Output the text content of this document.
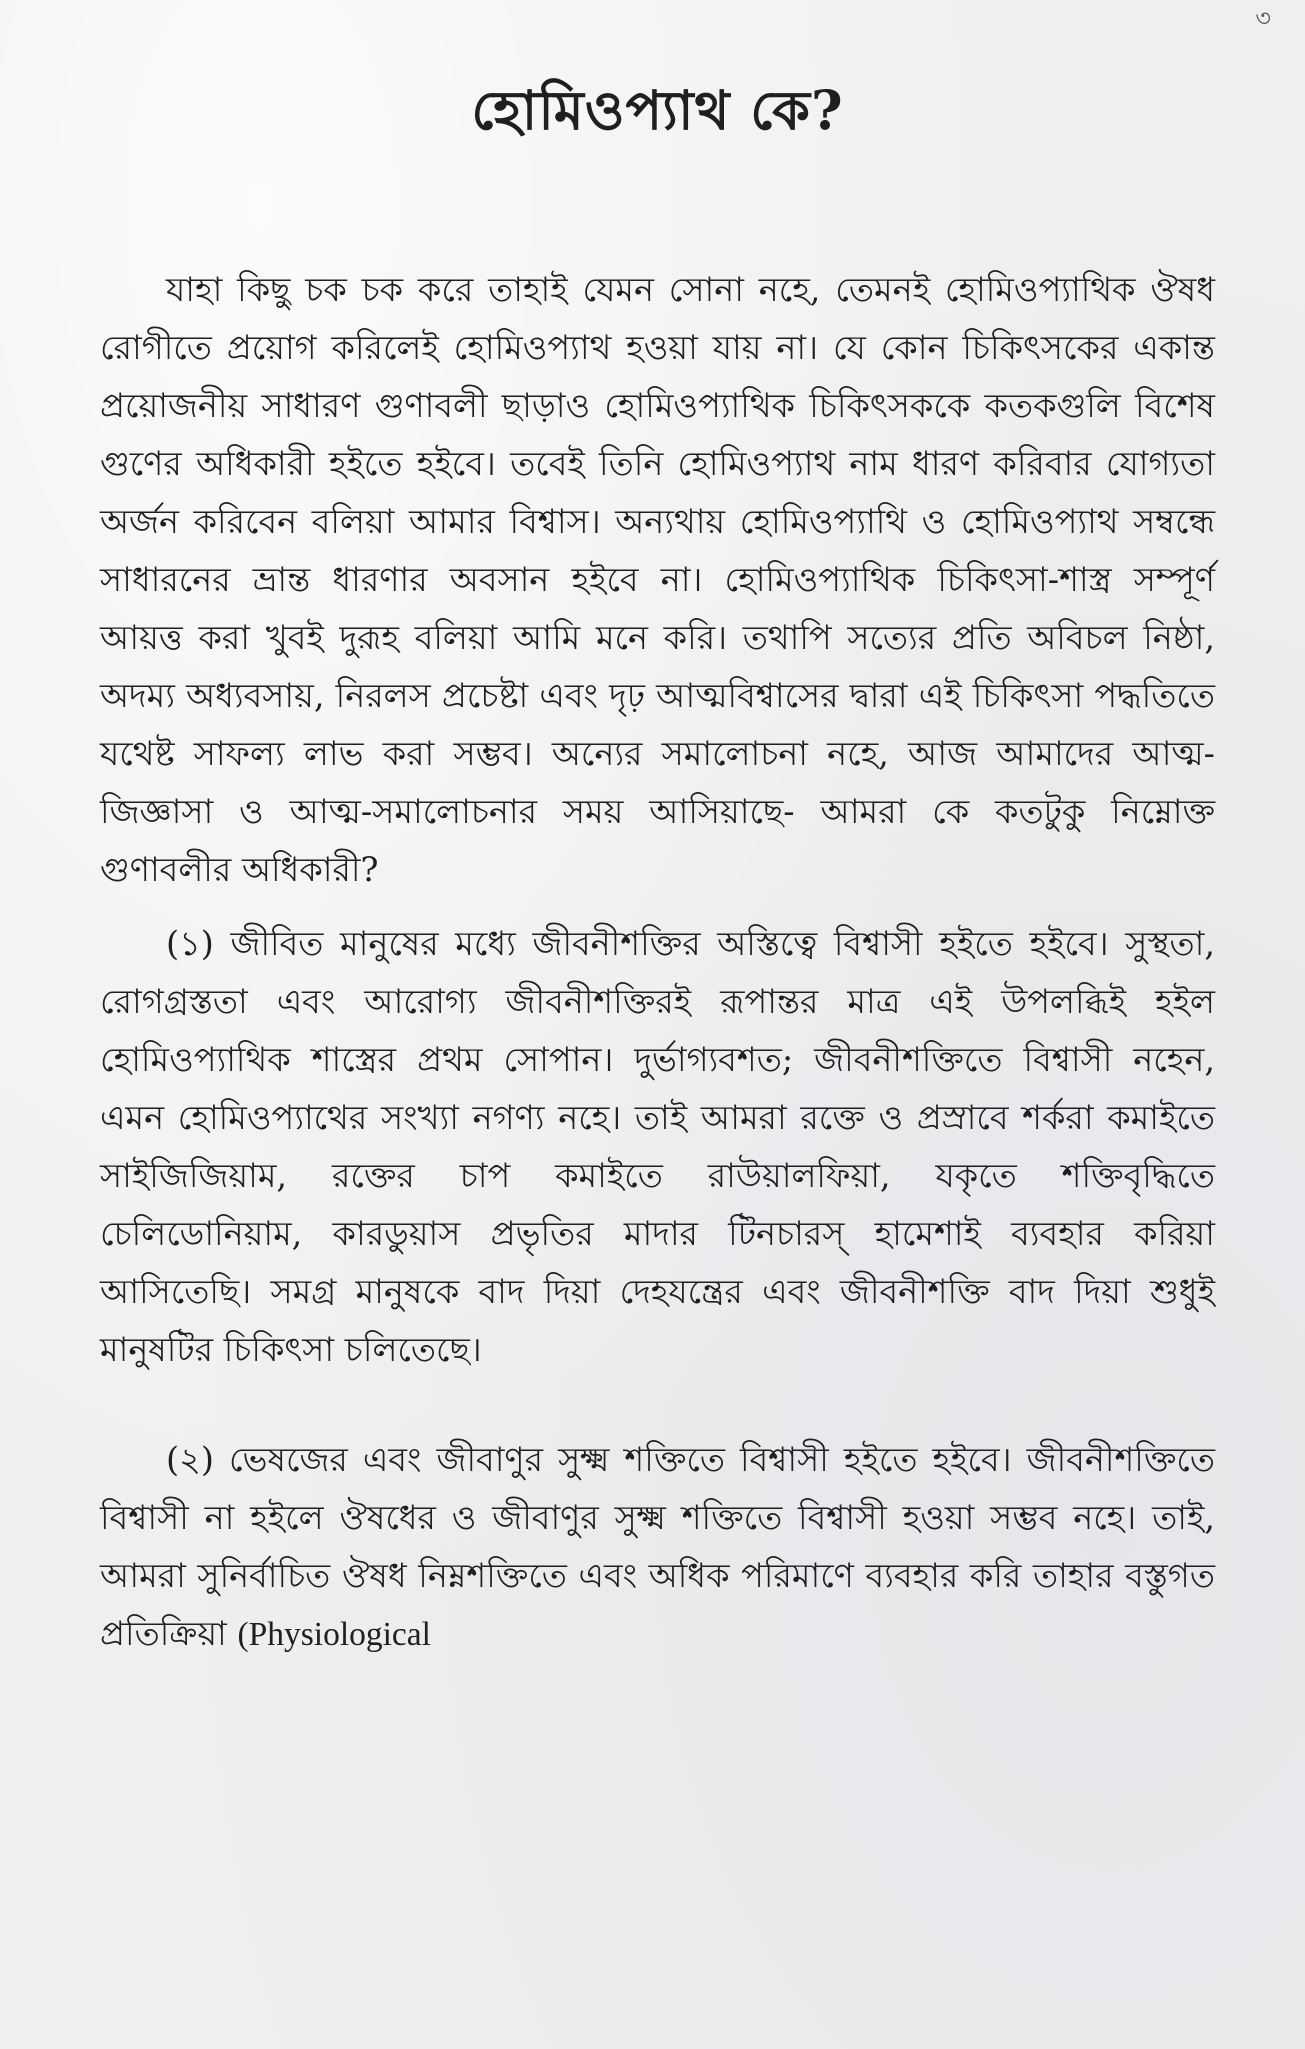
৩
হোমিওপ্যাথ কে?

যাহা কিছু চক চক করে তাহাই যেমন সোনা নহে, তেমনই হোমিওপ্যাথিক ঔষধ রোগীতে প্রয়োগ করিলেই হোমিওপ্যাথ হওয়া যায় না। যে কোন চিকিৎসকের একান্ত প্রয়োজনীয় সাধারণ গুণাবলী ছাড়াও হোমিওপ্যাথিক চিকিৎসককে কতকগুলি বিশেষ গুণের অধিকারী হইতে হইবে। তবেই তিনি হোমিওপ্যাথ নাম ধারণ করিবার যোগ্যতা অর্জন করিবেন বলিয়া আমার বিশ্বাস। অন্যথায় হোমিওপ্যাথি ও হোমিওপ্যাথ সম্বন্ধে সাধারনের ভ্রান্ত ধারণার অবসান হইবে না। হোমিওপ্যাথিক চিকিৎসা-শাস্ত্র সম্পূর্ণ আয়ত্ত করা খুবই দুরূহ বলিয়া আমি মনে করি। তথাপি সত্যের প্রতি অবিচল নিষ্ঠা, অদম্য অধ্যবসায়, নিরলস প্রচেষ্টা এবং দৃঢ় আত্মবিশ্বাসের দ্বারা এই চিকিৎসা পদ্ধতিতে যথেষ্ট সাফল্য লাভ করা সম্ভব। অন্যের সমালোচনা নহে, আজ আমাদের আত্ম-জিজ্ঞাসা ও আত্ম-সমালোচনার সময় আসিয়াছে- আমরা কে কতটুকু নিম্নোক্ত গুণাবলীর অধিকারী?

(১) জীবিত মানুষের মধ্যে জীবনীশক্তির অস্তিত্বে বিশ্বাসী হইতে হইবে। সুস্থতা, রোগগ্রস্ততা এবং আরোগ্য জীবনীশক্তিরই রূপান্তর মাত্র এই উপলব্ধিই হইল হোমিওপ্যাথিক শাস্ত্রের প্রথম সোপান। দুর্ভাগ্যবশত; জীবনীশক্তিতে বিশ্বাসী নহেন, এমন হোমিওপ্যাথের সংখ্যা নগণ্য নহে। তাই আমরা রক্তে ও প্রস্রাবে শর্করা কমাইতে সাইজিজিয়াম, রক্তের চাপ কমাইতে রাউয়ালফিয়া, যকৃতে শক্তিবৃদ্ধিতে চেলিডোনিয়াম, কারডুয়াস প্রভৃতির মাদার টিনচারস্ হামেশাই ব্যবহার করিয়া আসিতেছি। সমগ্র মানুষকে বাদ দিয়া দেহযন্ত্রের এবং জীবনীশক্তি বাদ দিয়া শুধুই মানুষটির চিকিৎসা চলিতেছে।

(২) ভেষজের এবং জীবাণুর সুক্ষ্ম শক্তিতে বিশ্বাসী হইতে হইবে। জীবনীশক্তিতে বিশ্বাসী না হইলে ঔষধের ও জীবাণুর সুক্ষ্ম শক্তিতে বিশ্বাসী হওয়া সম্ভব নহে। তাই, আমরা সুনির্বাচিত ঔষধ নিম্নশক্তিতে এবং অধিক পরিমাণে ব্যবহার করি তাহার বস্তুগত প্রতিক্রিয়া (Physiological
